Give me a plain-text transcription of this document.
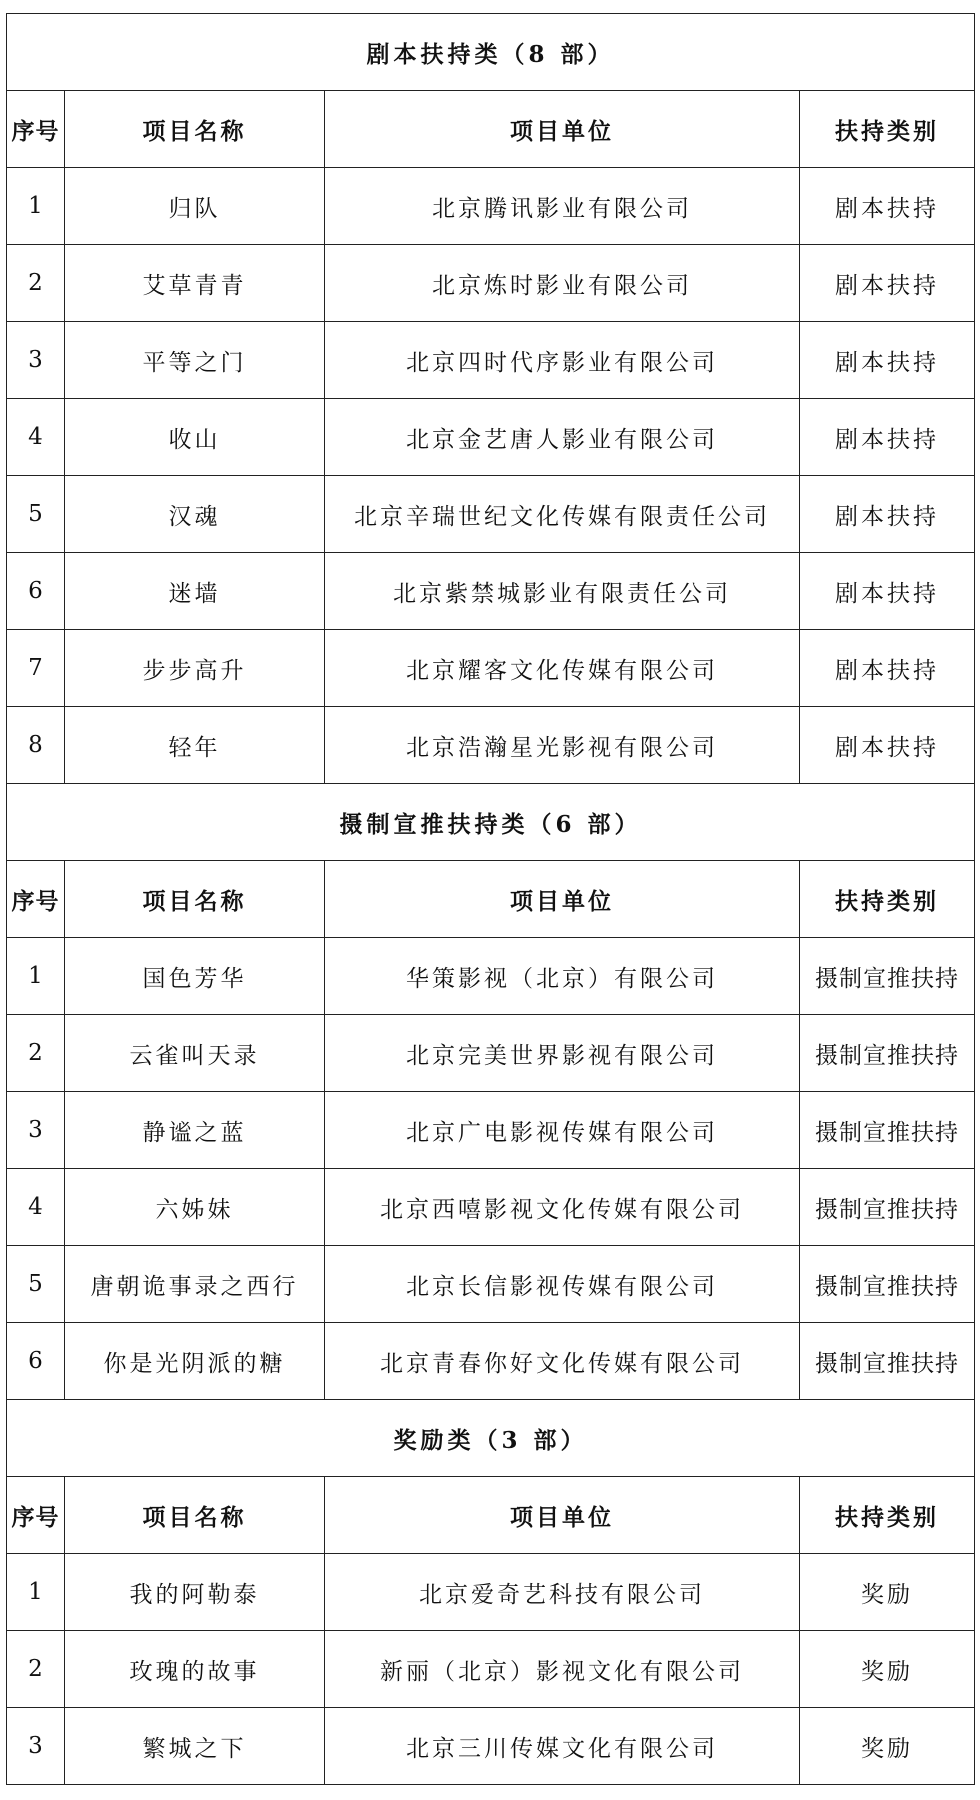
剧本扶持类（8 部）			
序号	项目名称	项目单位	扶持类别
1	归队	北京腾讯影业有限公司	剧本扶持
2	艾草青青	北京炼时影业有限公司	剧本扶持
3	平等之门	北京四时代序影业有限公司	剧本扶持
4	收山	北京金艺唐人影业有限公司	剧本扶持
5	汉魂	北京辛瑞世纪文化传媒有限责任公司	剧本扶持
6	迷墙	北京紫禁城影业有限责任公司	剧本扶持
7	步步高升	北京耀客文化传媒有限公司	剧本扶持
8	轻年	北京浩瀚星光影视有限公司	剧本扶持
摄制宣推扶持类（6 部）			
序号	项目名称	项目单位	扶持类别
1	国色芳华	华策影视（北京）有限公司	摄制宣推扶持
2	云雀叫天录	北京完美世界影视有限公司	摄制宣推扶持
3	静谧之蓝	北京广电影视传媒有限公司	摄制宣推扶持
4	六姊妹	北京西嘻影视文化传媒有限公司	摄制宣推扶持
5	唐朝诡事录之西行	北京长信影视传媒有限公司	摄制宣推扶持
6	你是光阴派的糖	北京青春你好文化传媒有限公司	摄制宣推扶持
奖励类（3 部）			
序号	项目名称	项目单位	扶持类别
1	我的阿勒泰	北京爱奇艺科技有限公司	奖励
2	玫瑰的故事	新丽（北京）影视文化有限公司	奖励
3	繁城之下	北京三川传媒文化有限公司	奖励
